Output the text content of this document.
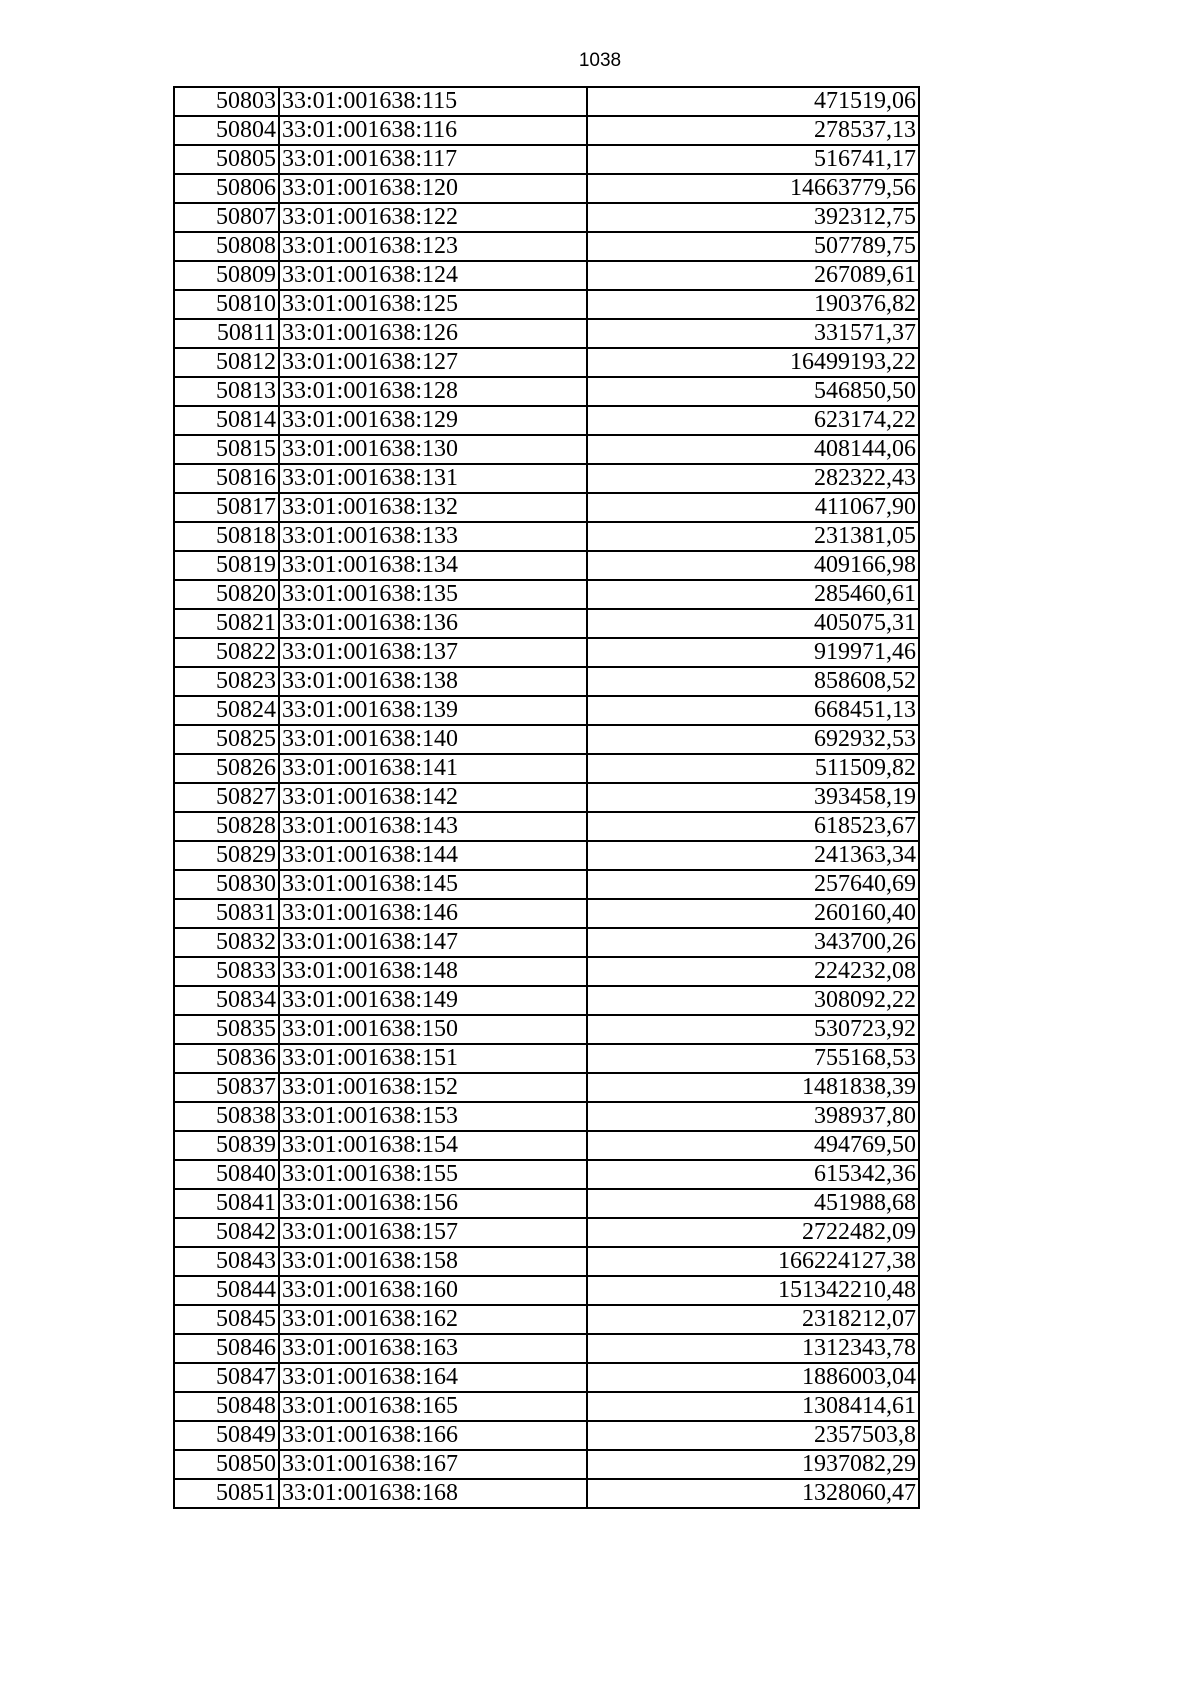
1038
50803	33:01:001638:115	471519,06
50804	33:01:001638:116	278537,13
50805	33:01:001638:117	516741,17
50806	33:01:001638:120	14663779,56
50807	33:01:001638:122	392312,75
50808	33:01:001638:123	507789,75
50809	33:01:001638:124	267089,61
50810	33:01:001638:125	190376,82
50811	33:01:001638:126	331571,37
50812	33:01:001638:127	16499193,22
50813	33:01:001638:128	546850,50
50814	33:01:001638:129	623174,22
50815	33:01:001638:130	408144,06
50816	33:01:001638:131	282322,43
50817	33:01:001638:132	411067,90
50818	33:01:001638:133	231381,05
50819	33:01:001638:134	409166,98
50820	33:01:001638:135	285460,61
50821	33:01:001638:136	405075,31
50822	33:01:001638:137	919971,46
50823	33:01:001638:138	858608,52
50824	33:01:001638:139	668451,13
50825	33:01:001638:140	692932,53
50826	33:01:001638:141	511509,82
50827	33:01:001638:142	393458,19
50828	33:01:001638:143	618523,67
50829	33:01:001638:144	241363,34
50830	33:01:001638:145	257640,69
50831	33:01:001638:146	260160,40
50832	33:01:001638:147	343700,26
50833	33:01:001638:148	224232,08
50834	33:01:001638:149	308092,22
50835	33:01:001638:150	530723,92
50836	33:01:001638:151	755168,53
50837	33:01:001638:152	1481838,39
50838	33:01:001638:153	398937,80
50839	33:01:001638:154	494769,50
50840	33:01:001638:155	615342,36
50841	33:01:001638:156	451988,68
50842	33:01:001638:157	2722482,09
50843	33:01:001638:158	166224127,38
50844	33:01:001638:160	151342210,48
50845	33:01:001638:162	2318212,07
50846	33:01:001638:163	1312343,78
50847	33:01:001638:164	1886003,04
50848	33:01:001638:165	1308414,61
50849	33:01:001638:166	2357503,8
50850	33:01:001638:167	1937082,29
50851	33:01:001638:168	1328060,47
